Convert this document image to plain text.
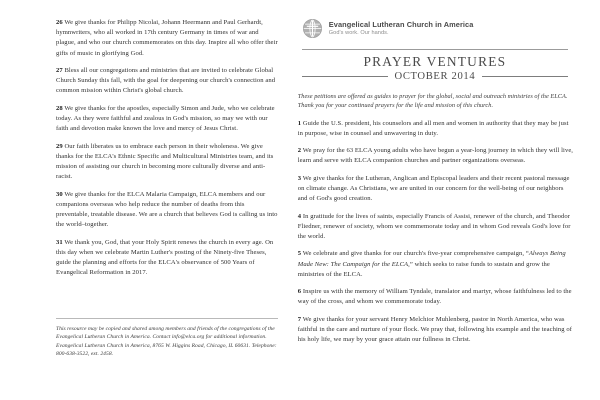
26 We give thanks for Philipp Nicolai, Johann Heermann and Paul Gerhardt, hymnwriters, who all worked in 17th century Germany in times of war and plague, and who our church commemorates on this day. Inspire all who offer their gifts of music in glorifying God.

27 Bless all our congregations and ministries that are invited to celebrate Global Church Sunday this fall, with the goal for deepening our church's connection and common mission within Christ's global church.

28 We give thanks for the apostles, especially Simon and Jude, who we celebrate today. As they were faithful and zealous in God's mission, so may we with our faith and devotion make known the love and mercy of Jesus Christ.

29 Our faith liberates us to embrace each person in their wholeness. We give thanks for the ELCA's Ethnic Specific and Multicultural Ministries team, and its mission of assisting our church in becoming more culturally diverse and anti-racist.

30 We give thanks for the ELCA Malaria Campaign, ELCA members and our companions overseas who help reduce the number of deaths from this preventable, treatable disease. We are a church that believes God is calling us into the world–together.

31 We thank you, God, that your Holy Spirit renews the church in every age. On this day when we celebrate Martin Luther's posting of the Ninety-five Theses, guide the planning and efforts for the ELCA's observance of 500 Years of Evangelical Reformation in 2017.

This resource may be copied and shared among members and friends of the congregations of the Evangelical Lutheran Church in America. Contact info@elca.org for additional information. Evangelical Lutheran Church in America, 8765 W. Higgins Road, Chicago, IL 60631. Telephone: 800-638-3522, ext. 2458.

Evangelical Lutheran Church in America
God's work. Our hands.
PRAYER VENTURES
OCTOBER 2014

These petitions are offered as guides to prayer for the global, social and outreach ministries of the ELCA. Thank you for your continued prayers for the life and mission of this church.

1 Guide the U.S. president, his counselors and all men and women in authority that they may be just in purpose, wise in counsel and unwavering in duty.

2 We pray for the 63 ELCA young adults who have begun a year-long journey in which they will live, learn and serve with ELCA companion churches and partner organizations overseas.

3 We give thanks for the Lutheran, Anglican and Episcopal leaders and their recent pastoral message on climate change. As Christians, we are united in our concern for the well-being of our neighbors and of God's good creation.

4 In gratitude for the lives of saints, especially Francis of Assisi, renewer of the church, and Theodor Fliedner, renewer of society, whom we commemorate today and in whom God reveals God's love for the world.

5 We celebrate and give thanks for our church's five-year comprehensive campaign, “Always Being Made New: The Campaign for the ELCA,” which seeks to raise funds to sustain and grow the ministries of the ELCA.

6 Inspire us with the memory of William Tyndale, translator and martyr, whose faithfulness led to the way of the cross, and whom we commemorate today.

7 We give thanks for your servant Henry Melchior Muhlenberg, pastor in North America, who was faithful in the care and nurture of your flock. We pray that, following his example and the teaching of his holy life, we may by your grace attain our fullness in Christ.
